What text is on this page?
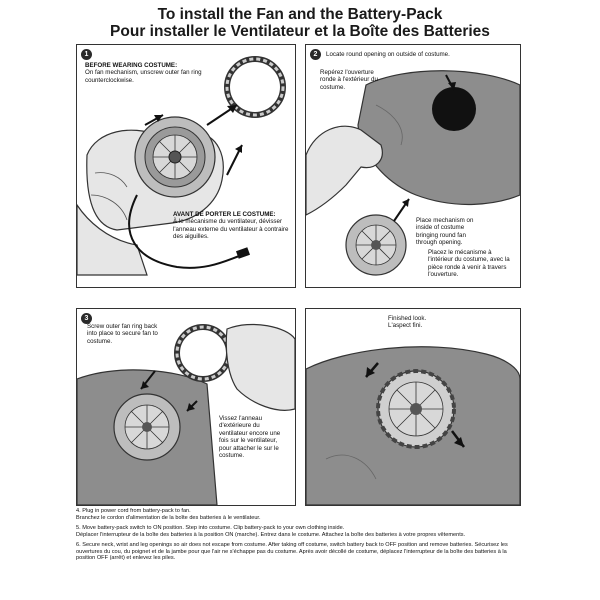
To install the Fan and the Battery-Pack
Pour installer le Ventilateur et la Boîte des Batteries
1
BEFORE WEARING COSTUME:
On fan mechanism, unscrew outer fan ring counterclockwise.
AVANT DE PORTER LE COSTUME:
À le mécanisme du ventilateur, dévisser l'anneau externe du ventilateur à contraire des aiguilles.
2	Locate round opening on outside of costume.
Repérez l'ouverture ronde à l'extérieur du costume.
Place mechanism on inside of costume bringing round fan through opening.
Placez le mécanisme à l'intérieur du costume, avec la pièce ronde à venir à travers l'ouverture.
3
Screw outer fan ring back into place to secure fan to costume.
Vissez l'anneau d'extérieure du ventilateur encore une fois sur le ventilateur, pour attacher le sur le costume.
Finished look.
L'aspect fini.

4. Plug in power cord from battery-pack to fan.
Branchez le cordon d'alimentation de la boîte des batteries à le ventilateur.

5. Move battery-pack switch to ON position. Step into costume. Clip battery-pack to your own clothing inside.
Déplacer l'interrupteur de la boîte des batteries à la position ON (marche). Entrez dans le costume. Attachez la boîte des batteries à votre propres vêtements.

6. Secure neck, wrist and leg openings so air does not escape from costume. After taking off costume, switch battery back to OFF position and remove batteries. Sécurisez les ouvertures du cou, du poignet et de la jambe pour que l'air ne s'échappe pas du costume. Après avoir décollé de costume, déplacez l'interrupteur de la boîte des batteries à la position OFF (arrêt) et enlevez les piles.
